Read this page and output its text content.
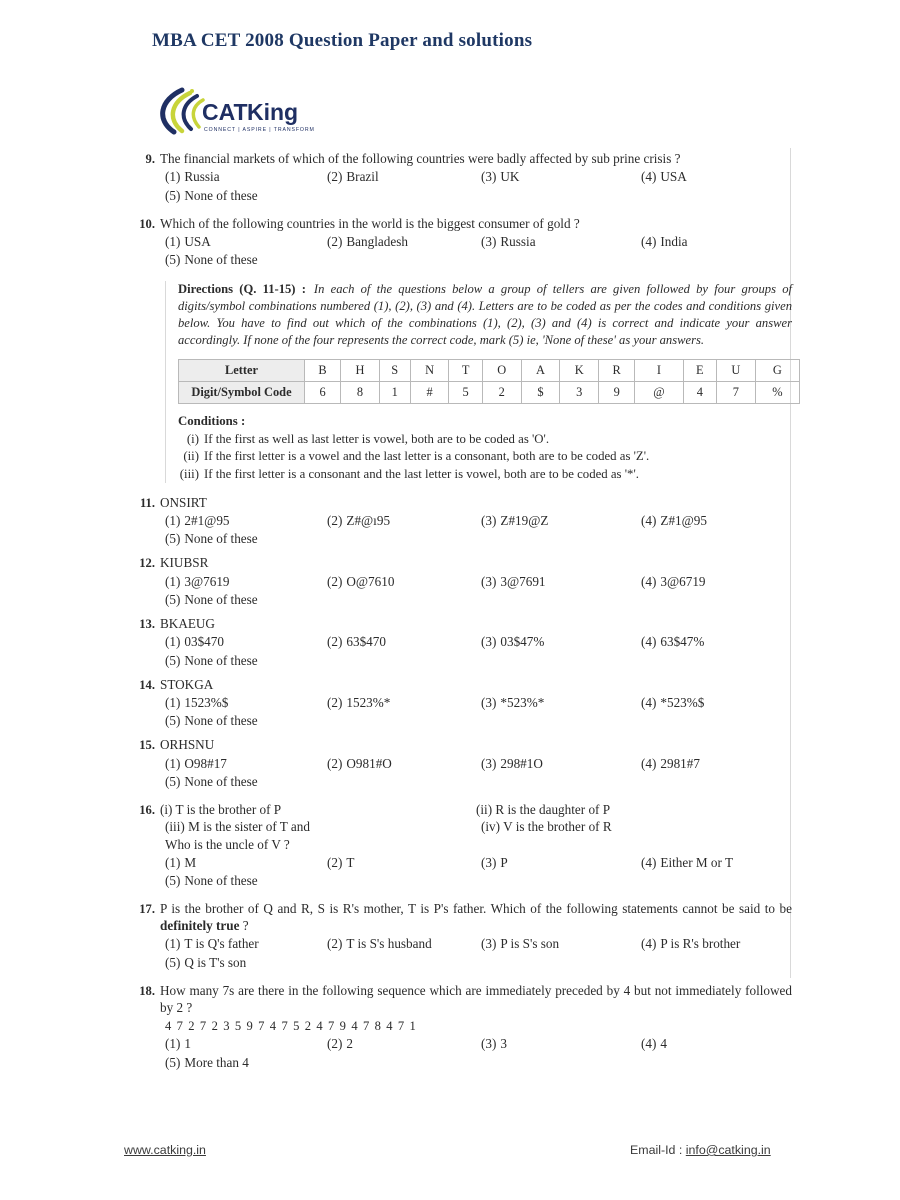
MBA CET 2008 Question Paper and solutions
CAT King
CONNECT | ASPIRE | TRANSFORM
9. The financial markets of which of the following countries were badly affected by sub prine crisis ?
(1) Russia	(2) Brazil	(3) UK	(4) USA
(5) None of these
10. Which of the following countries in the world is the biggest consumer of gold ?
(1) USA	(2) Bangladesh	(3) Russia	(4) India
(5) None of these
Directions (Q. 11-15) : In each of the questions below a group of tellers are given followed by four groups of digits/symbol combinations numbered (1), (2), (3) and (4). Letters are to be coded as per the codes and conditions given below. You have to find out which of the combinations (1), (2), (3) and (4) is correct and indicate your answer accordingly. If none of the four represents the correct code, mark (5) ie, 'None of these' as your answers.
Letter	B	H	S	N	T	O	A	K	R	I	E	U	G
Digit/Symbol Code	6	8	1	#	5	2	$	3	9	@	4	7	%
Conditions :
(i) If the first as well as last letter is vowel, both are to be coded as 'O'.
(ii) If the first letter is a vowel and the last letter is a consonant, both are to be coded as 'Z'.
(iii) If the first letter is a consonant and the last letter is vowel, both are to be coded as '*'.
11. ONSIRT
(1) 2#1@95	(2) Z#@ı95	(3) Z#19@Z	(4) Z#1@95
(5) None of these
12. KIUBSR
(1) 3@7619	(2) O@7610	(3) 3@7691	(4) 3@6719
(5) None of these
13. BKAEUG
(1) 03$470	(2) 63$470	(3) 03$47%	(4) 63$47%
(5) None of these
14. STOKGA
(1) 1523%$	(2) 1523%*	(3) *523%*	(4) *523%$
(5) None of these
15. ORHSNU
(1) O98#17	(2) O981#O	(3) 298#1O	(4) 2981#7
(5) None of these
16. (i) T is the brother of P	(ii) R is the daughter of P
(iii) M is the sister of T and	(iv) V is the brother of R
Who is the uncle of V ?
(1) M	(2) T	(3) P	(4) Either M or T
(5) None of these
17. P is the brother of Q and R, S is R's mother, T is P's father. Which of the following statements cannot be said to be definitely true ?
(1) T is Q's father	(2) T is S's husband	(3) P is S's son	(4) P is R's brother
(5) Q is T's son
18. How many 7s are there in the following sequence which are immediately preceded by 4 but not immediately followed by 2 ?
4 7 2 7 2 3 5 9 7 4 7 5 2 4 7 9 4 7 8 4 7 1
(1) 1	(2) 2	(3) 3	(4) 4
(5) More than 4
www.catking.in	Email-Id : info@catking.in
